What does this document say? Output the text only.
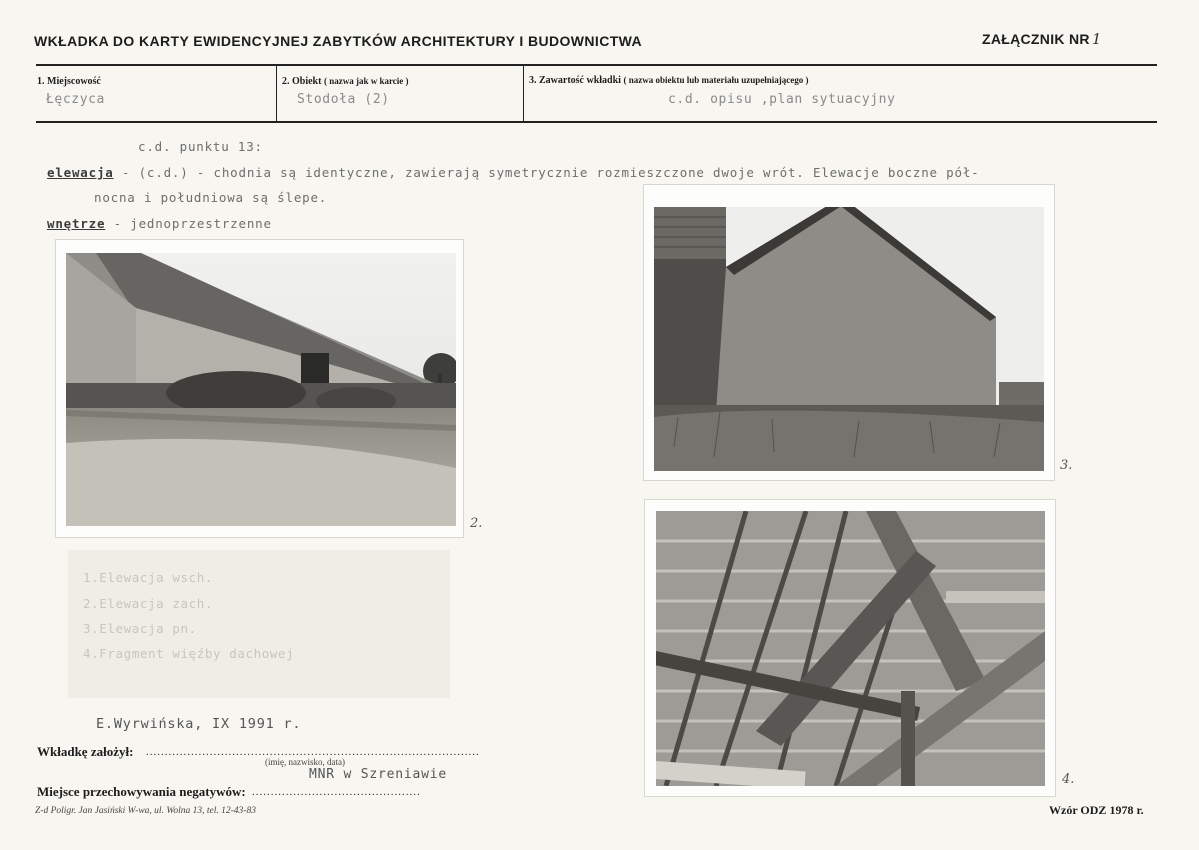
WKŁADKA DO KARTY EWIDENCYJNEJ ZABYTKÓW ARCHITEKTURY I BUDOWNICTWA	ZAŁĄCZNIK NR 1
1. Miejscowość
Łęczyca
2. Obiekt ( nazwa jak w karcie )
Stodoła (2)
3. Zawartość wkładki ( nazwa obiektu lub materiału uzupełniającego )
c.d. opisu ,plan sytuacyjny
c.d. punktu 13:
elewacja - (c.d.) - chodnia są identyczne, zawierają symetrycznie rozmieszczone dwoje wrót. Elewacje boczne pół-
nocna i południowa są ślepe.
wnętrze - jednoprzestrzenne
2.
3.
4.
1.Elewacja wsch.
2.Elewacja zach.
3.Elewacja pn.
4.Fragment więźby dachowej
E.Wyrwińska, IX 1991 r.
Wkładkę założył: .........................................................................................
(imię, nazwisko, data)
MNR w Szreniawie
Miejsce przechowywania negatywów: .............................................
Z-d Poligr. Jan Jasiński W-wa, ul. Wolna 13, tel. 12-43-83	Wzór ODZ 1978 r.
